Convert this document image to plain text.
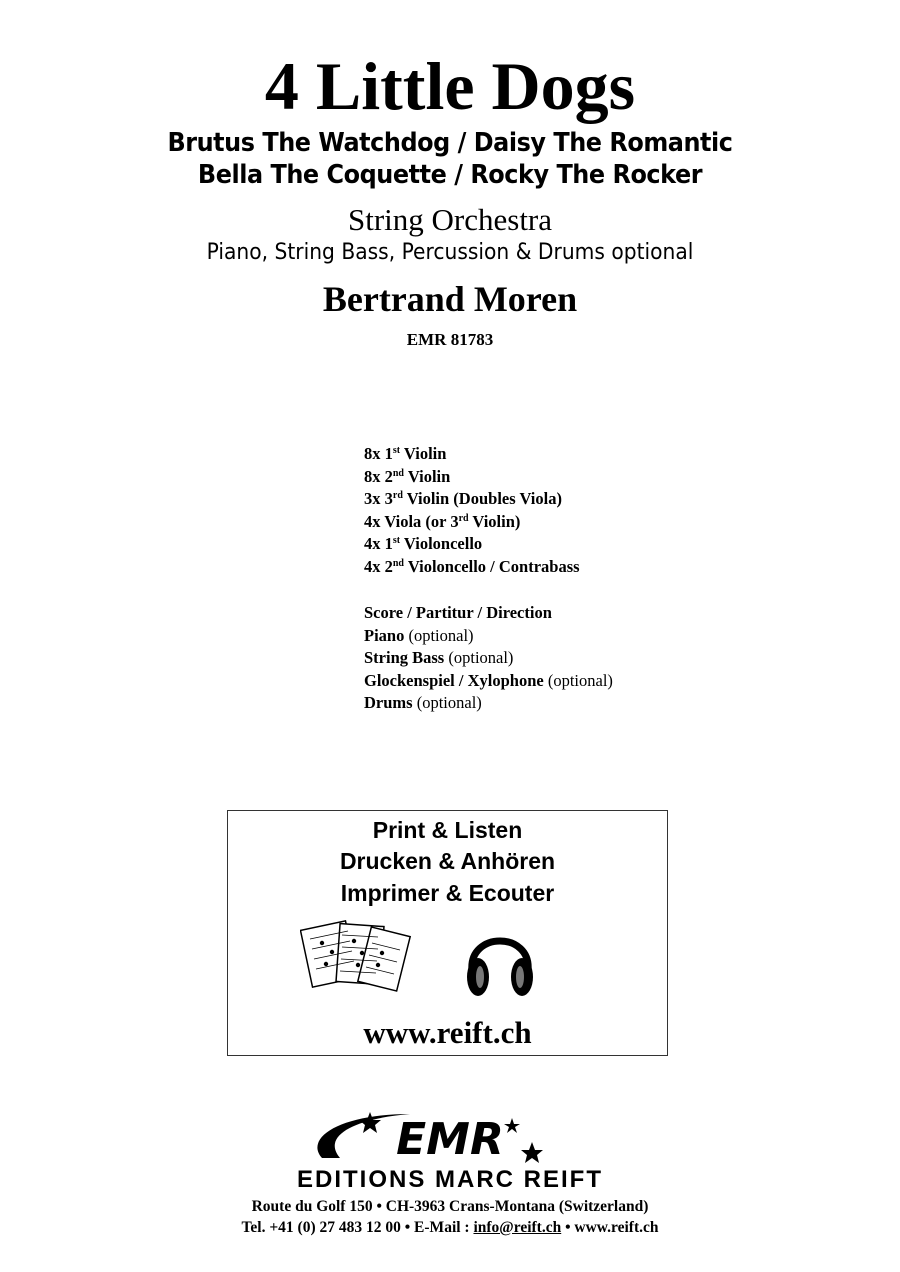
4 Little Dogs
Brutus The Watchdog / Daisy The Romantic
Bella The Coquette / Rocky The Rocker
String Orchestra
Piano, String Bass, Percussion & Drums optional
Bertrand Moren
EMR 81783
8x 1st Violin
8x 2nd Violin
3x 3rd Violin (Doubles Viola)
4x Viola (or 3rd Violin)
4x 1st Violoncello
4x 2nd Violoncello / Contrabass
Score / Partitur / Direction
Piano (optional)
String Bass (optional)
Glockenspiel / Xylophone (optional)
Drums (optional)
Print & Listen
Drucken & Anhören
Imprimer & Ecouter
www.reift.ch
EMR
EDITIONS MARC REIFT
Route du Golf 150 • CH-3963 Crans-Montana (Switzerland)
Tel. +41 (0) 27 483 12 00 • E-Mail : info@reift.ch • www.reift.ch
